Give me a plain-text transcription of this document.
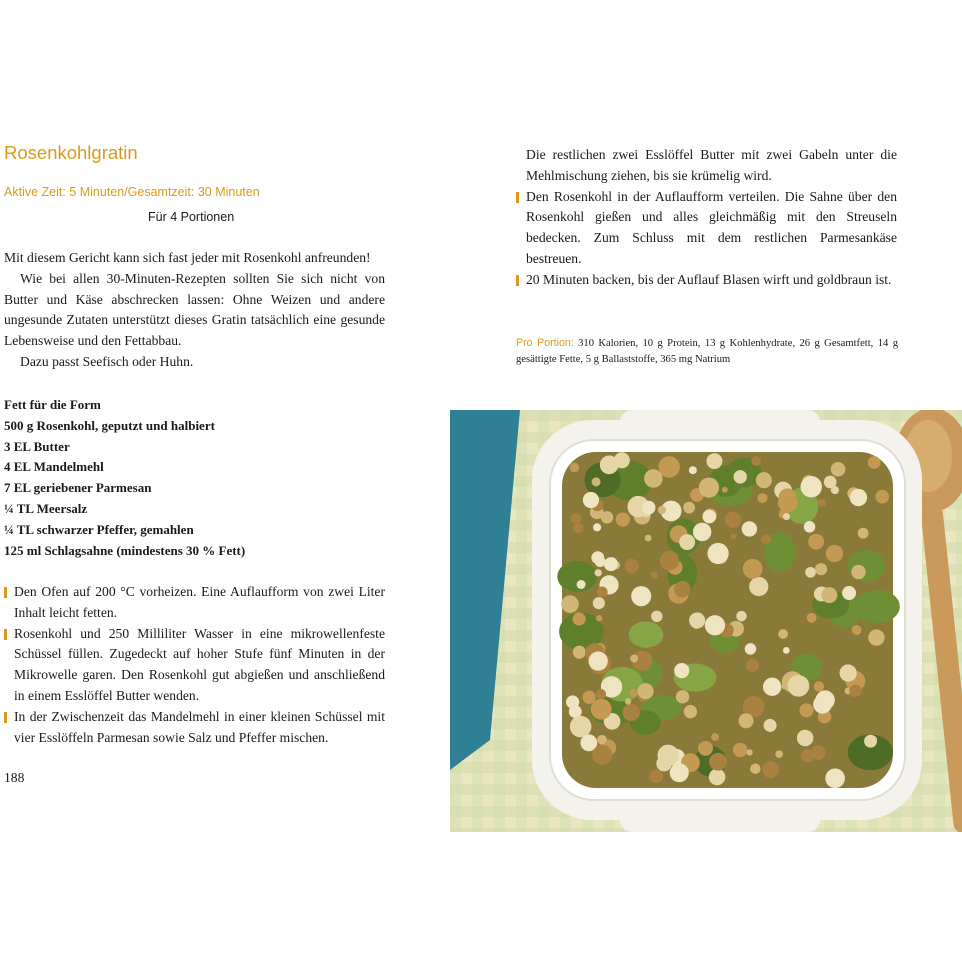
Rosenkohlgratin
Aktive Zeit: 5 Minuten/Gesamtzeit: 30 Minuten
Für 4 Portionen

Mit diesem Gericht kann sich fast jeder mit Rosenkohl anfreunden!

Wie bei allen 30-Minuten-Rezepten sollten Sie sich nicht von Butter und Käse abschrecken lassen: Ohne Weizen und andere ungesunde Zutaten unterstützt dieses Gratin tatsächlich eine gesunde Lebensweise und den Fettabbau.

Dazu passt Seefisch oder Huhn.

Fett für die Form
500 g Rosenkohl, geputzt und halbiert
3 EL Butter
4 EL Mandelmehl
7 EL geriebener Parmesan
¼ TL Meersalz
¼ TL schwarzer Pfeffer, gemahlen
125 ml Schlagsahne (mindestens 30 % Fett)
Den Ofen auf 200 °C vorheizen. Eine Auflaufform von zwei Liter Inhalt leicht fetten.
Rosenkohl und 250 Milliliter Wasser in eine mikrowellenfeste Schüssel füllen. Zugedeckt auf hoher Stufe fünf Minuten in der Mikrowelle garen. Den Rosenkohl gut abgießen und anschließend in einem Esslöffel Butter wenden.
In der Zwischenzeit das Mandelmehl in einer kleinen Schüssel mit vier Esslöffeln Parmesan sowie Salz und Pfeffer mischen.
188
Die restlichen zwei Esslöffel Butter mit zwei Gabeln unter die Mehlmischung ziehen, bis sie krümelig wird.
Den Rosenkohl in der Auflaufform verteilen. Die Sahne über den Rosenkohl gießen und alles gleichmäßig mit den Streuseln bedecken. Zum Schluss mit dem restlichen Parmesankäse bestreuen.
20 Minuten backen, bis der Auflauf Blasen wirft und goldbraun ist.
Pro Portion: 310 Kalorien, 10 g Protein, 13 g Kohlenhydrate, 26 g Gesamtfett, 14 g gesättigte Fette, 5 g Ballaststoffe, 365 mg Natrium
